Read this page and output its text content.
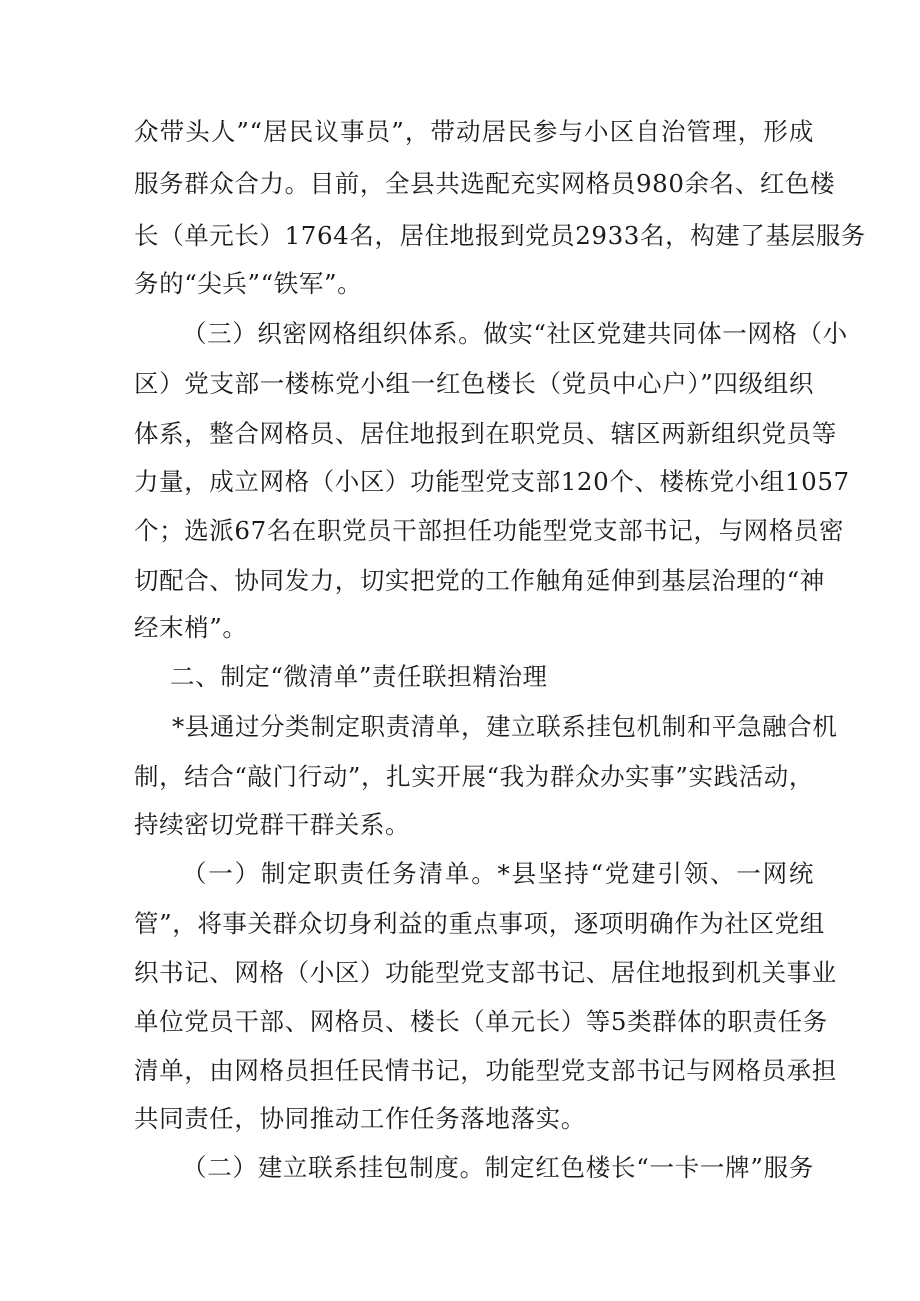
众带头人”“居民议事员”，带动居民参与小区自治管理，形成
服务群众合力。目前，全县共选配充实网格员980余名、红色楼
长（单元长）1764名，居住地报到党员2933名，构建了基层服务
务的“尖兵”“铁军”。
（三）织密网格组织体系。做实“社区党建共同体一网格（小
区）党支部一楼栋党小组一红色楼长（党员中心户）”四级组织
体系，整合网格员、居住地报到在职党员、辖区两新组织党员等
力量，成立网格（小区）功能型党支部120个、楼栋党小组1057
个；选派67名在职党员干部担任功能型党支部书记，与网格员密
切配合、协同发力，切实把党的工作触角延伸到基层治理的“神
经末梢”。
二、制定“微清单”责任联担精治理
*县通过分类制定职责清单，建立联系挂包机制和平急融合机
制，结合“敲门行动”，扎实开展“我为群众办实事”实践活动，
持续密切党群干群关系。
（一）制定职责任务清单。*县坚持“党建引领、一网统
管”，将事关群众切身利益的重点事项，逐项明确作为社区党组
织书记、网格（小区）功能型党支部书记、居住地报到机关事业
单位党员干部、网格员、楼长（单元长）等5类群体的职责任务
清单，由网格员担任民情书记，功能型党支部书记与网格员承担
共同责任，协同推动工作任务落地落实。
（二）建立联系挂包制度。制定红色楼长“一卡一牌”服务
